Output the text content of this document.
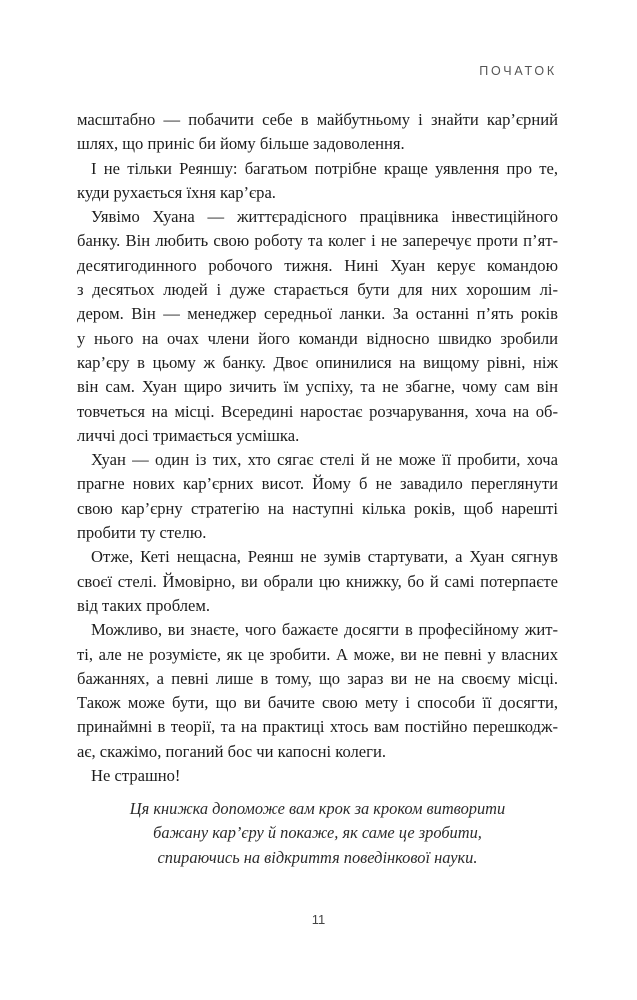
ПОЧАТОК
масштабно — побачити себе в майбутньому і знайти кар’єрний
шлях, що приніс би йому більше задоволення.
І не тільки Реяншу: багатьом потрібне краще уявлення про те,
куди рухається їхня кар’єра.
Уявімо Хуана — життєрадісного працівника інвестиційного
банку. Він любить свою роботу та колег і не заперечує проти п’ят-
десятигодинного робочого тижня. Нині Хуан керує командою
з десятьох людей і дуже старається бути для них хорошим лі-
дером. Він — менеджер середньої ланки. За останні п’ять років
у нього на очах члени його команди відносно швидко зробили
кар’єру в цьому ж банку. Двоє опинилися на вищому рівні, ніж
він сам. Хуан щиро зичить їм успіху, та не збагне, чому сам він
товчеться на місці. Всередині наростає розчарування, хоча на об-
личчі досі тримається усмішка.
Хуан — один із тих, хто сягає стелі й не може її пробити, хоча
прагне нових кар’єрних висот. Йому б не завадило переглянути
свою кар’єрну стратегію на наступні кілька років, щоб нарешті
пробити ту стелю.
Отже, Кеті нещасна, Реянш не зумів стартувати, а Хуан сягнув
своєї стелі. Ймовірно, ви обрали цю книжку, бо й самі потерпаєте
від таких проблем.
Можливо, ви знаєте, чого бажаєте досягти в професійному жит-
ті, але не розумієте, як це зробити. А може, ви не певні у власних
бажаннях, а певні лише в тому, що зараз ви не на своєму місці.
Також може бути, що ви бачите свою мету і способи її досягти,
принаймні в теорії, та на практиці хтось вам постійно перешкодж-
ає, скажімо, поганий бос чи капосні колеги.
Не страшно!
Ця книжка допоможе вам крок за кроком витворити
бажану кар’єру й покаже, як саме це зробити,
спираючись на відкриття поведінкової науки.
11
